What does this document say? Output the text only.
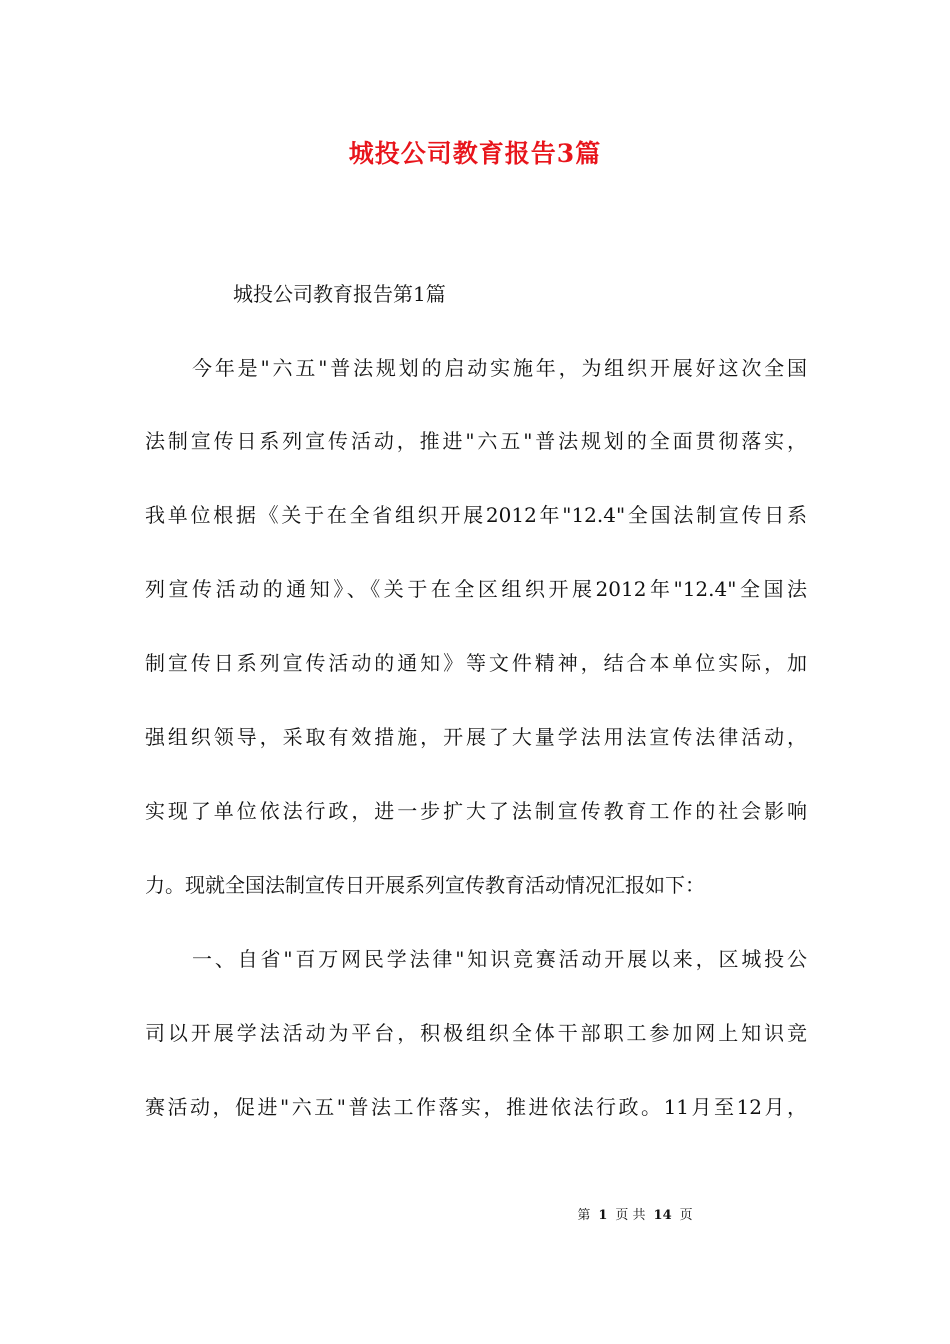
城投公司教育报告3篇
城投公司教育报告第1篇
今年是"六五"普法规划的启动实施年，为组织开展好这次全国
法制宣传日系列宣传活动，推进"六五"普法规划的全面贯彻落实，
我单位根据《关于在全省组织开展2012年"12.4"全国法制宣传日系
列宣传活动的通知》、《关于在全区组织开展2012年"12.4"全国法
制宣传日系列宣传活动的通知》等文件精神，结合本单位实际，加
强组织领导，采取有效措施，开展了大量学法用法宣传法律活动，
实现了单位依法行政，进一步扩大了法制宣传教育工作的社会影响
力。现就全国法制宣传日开展系列宣传教育活动情况汇报如下：
一、自省"百万网民学法律"知识竞赛活动开展以来，区城投公
司以开展学法活动为平台，积极组织全体干部职工参加网上知识竞
赛活动，促进"六五"普法工作落实，推进依法行政。11月至12月，
第 1 页 共 14 页
